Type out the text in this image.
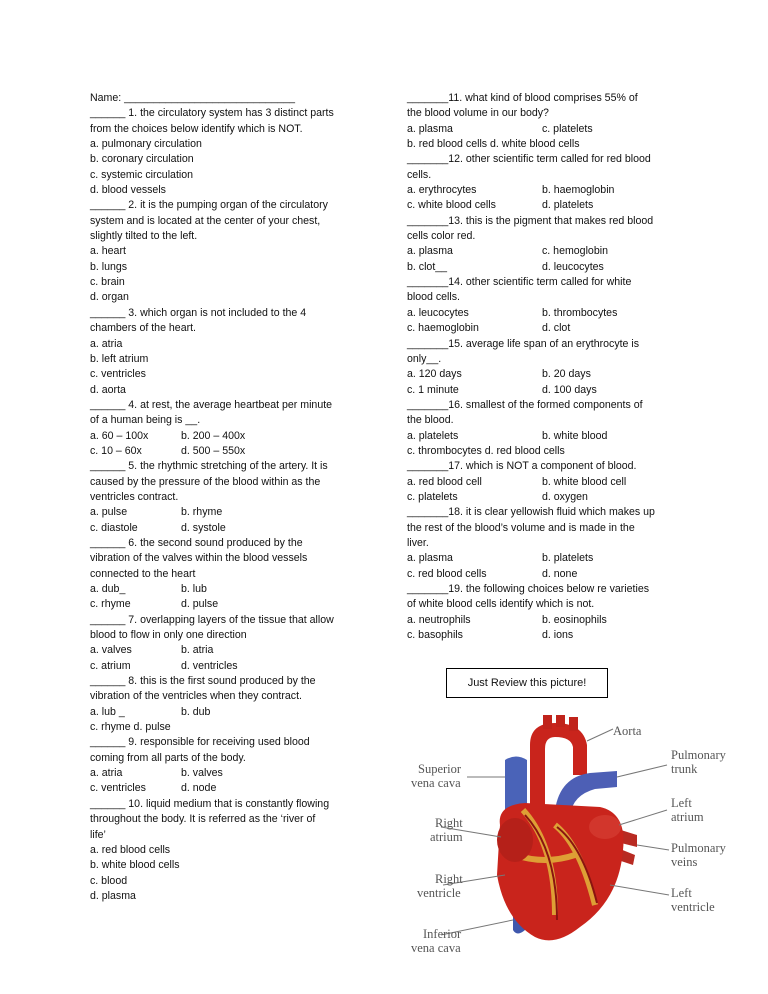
Name: _____________________________
______ 1. the circulatory system has 3 distinct parts
from the choices below identify which is NOT.
a. pulmonary circulation
b. coronary circulation
c. systemic circulation
d. blood vessels
______ 2. it is the pumping organ of the circulatory
system and is located at the center of your chest,
slightly tilted to the left.
a. heart
b. lungs
c. brain
d. organ
______ 3. which organ is not included to the 4
chambers of the heart.
a. atria
b. left atrium
c. ventricles
d. aorta
______ 4. at rest, the average heartbeat per minute
of a human being is __.
a. 60 – 100x	b. 200 – 400x
c. 10 – 60x	d. 500 – 550x
______ 5. the rhythmic stretching of the artery. It is
caused by the pressure of the blood within as the
ventricles contract.
a. pulse	b. rhyme
c. diastole	d. systole
______ 6. the second sound produced by the
vibration of the valves within the blood vessels
connected to the heart
a. dub_	b. lub
c. rhyme	d. pulse
______ 7. overlapping layers of the tissue that allow
blood to flow in only one direction
a. valves	b. atria
c. atrium	d. ventricles
______ 8. this is the first sound produced by the
vibration of the ventricles when they contract.
a. lub _	b. dub
c. rhyme d. pulse
______ 9. responsible for receiving used blood
coming from all parts of the body.
a. atria	b. valves
c. ventricles	d. node
______ 10. liquid medium that is constantly flowing
throughout the body. It is referred as the ‘river of
life’
a. red blood cells
b. white blood cells
c. blood
d. plasma
_______11. what kind of blood comprises 55% of
the blood volume in our body?
a. plasma	c. platelets
b. red blood cells d. white blood cells
_______12. other scientific term called for red blood
cells.
a. erythrocytes	b. haemoglobin
c. white blood cells	d. platelets
_______13. this is the pigment that makes red blood
cells color red.
a. plasma	c. hemoglobin
b. clot__	d. leucocytes
_______14. other scientific term called for white
blood cells.
a. leucocytes	b. thrombocytes
c. haemoglobin	d. clot
_______15. average life span of an erythrocyte is
only__.
a. 120 days	b. 20 days
c. 1 minute	d. 100 days
_______16. smallest of the formed components of
the blood.
a. platelets	b. white blood
c. thrombocytes d. red blood cells
_______17. which is NOT a component of blood.
a. red blood cell	b. white blood cell
c. platelets	d. oxygen
_______18. it is clear yellowish fluid which makes up
the rest of the blood’s volume and is made in the
liver.
a. plasma	b. platelets
c. red blood cells	d. none
_______19. the following choices below re varieties
of white blood cells identify which is not.
a. neutrophils	b. eosinophils
c. basophils	d. ions
Just Review this picture!
Aorta
Superior
vena cava
Pulmonary
trunk
Left
atrium
Right
atrium
Pulmonary
veins
Right
ventricle	Left
ventricle
Inferior
vena cava
